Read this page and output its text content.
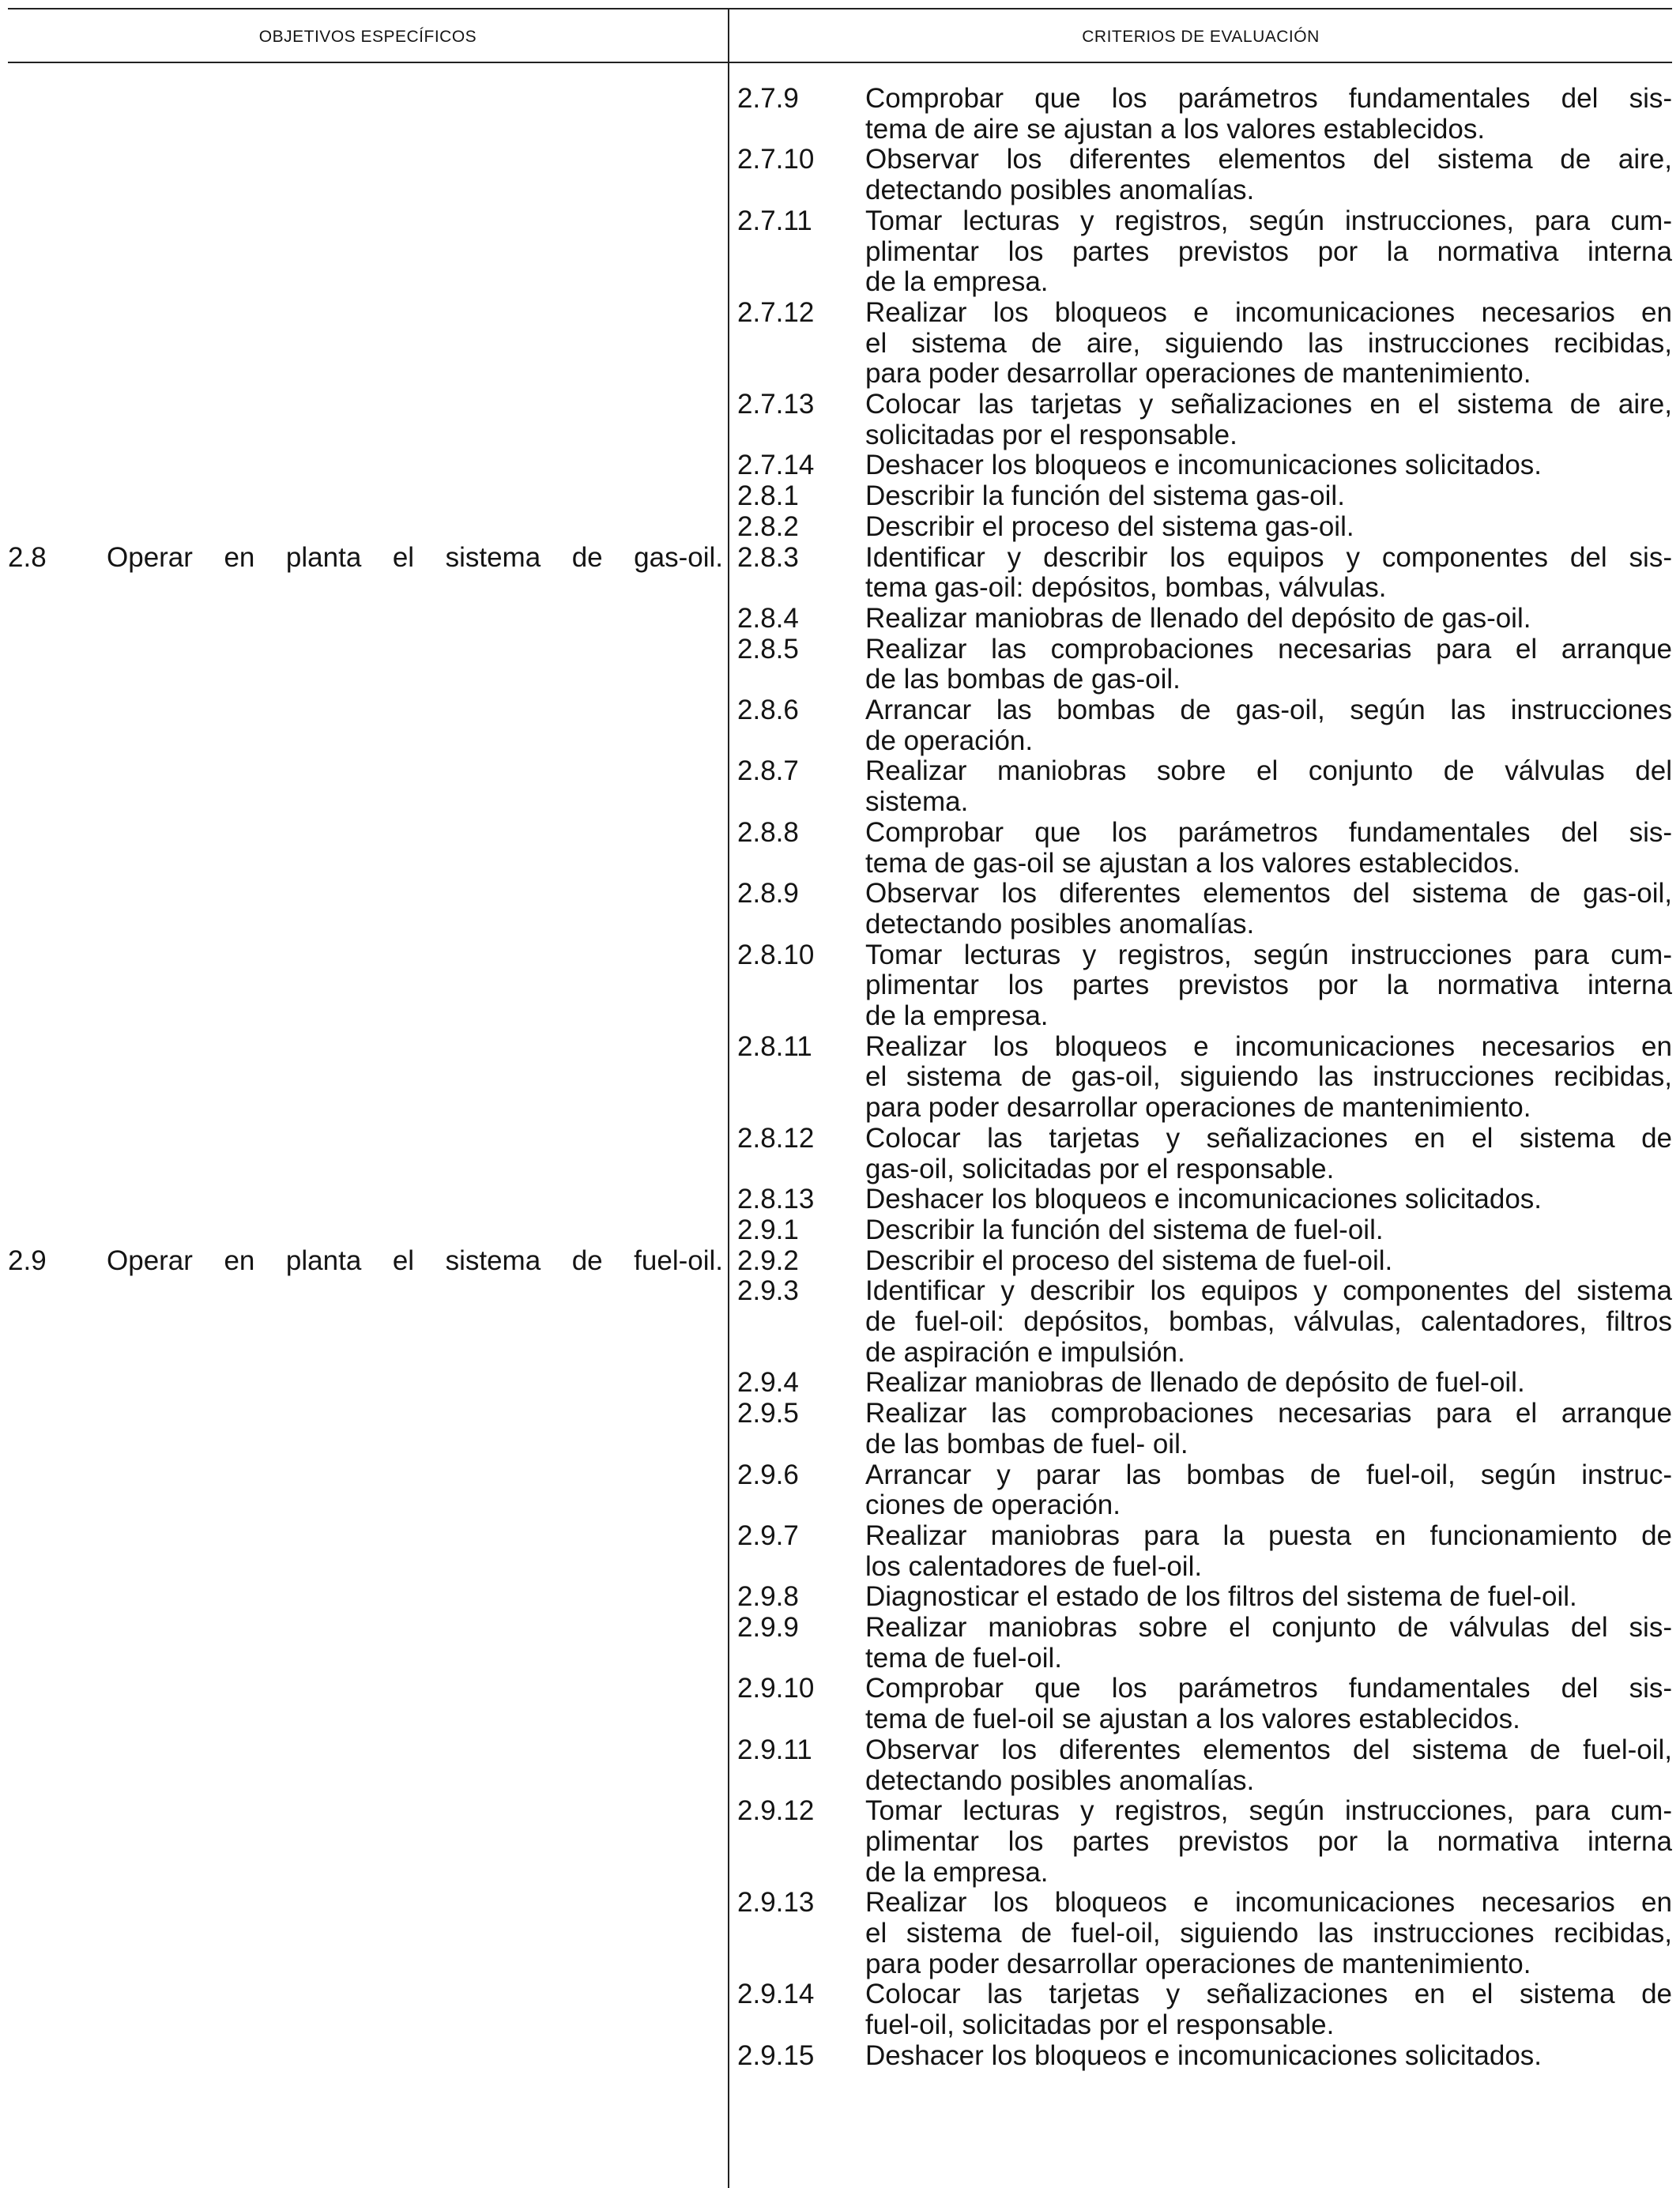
OBJETIVOS ESPECÍFICOS	CRITERIOS DE EVALUACIÓN
2.8 Operar en planta el sistema de gas-oil.
2.9 Operar en planta el sistema de fuel-oil.
2.7.9 Comprobar que los parámetros fundamentales del sis-
tema de aire se ajustan a los valores establecidos.
2.7.10 Observar los diferentes elementos del sistema de aire,
detectando posibles anomalías.
2.7.11 Tomar lecturas y registros, según instrucciones, para cum-
plimentar los partes previstos por la normativa interna
de la empresa.
2.7.12 Realizar los bloqueos e incomunicaciones necesarios en
el sistema de aire, siguiendo las instrucciones recibidas,
para poder desarrollar operaciones de mantenimiento.
2.7.13 Colocar las tarjetas y señalizaciones en el sistema de aire,
solicitadas por el responsable.
2.7.14 Deshacer los bloqueos e incomunicaciones solicitados.
2.8.1 Describir la función del sistema gas-oil.
2.8.2 Describir el proceso del sistema gas-oil.
2.8.3 Identificar y describir los equipos y componentes del sis-
tema gas-oil: depósitos, bombas, válvulas.
2.8.4 Realizar maniobras de llenado del depósito de gas-oil.
2.8.5 Realizar las comprobaciones necesarias para el arranque
de las bombas de gas-oil.
2.8.6 Arrancar las bombas de gas-oil, según las instrucciones
de operación.
2.8.7 Realizar maniobras sobre el conjunto de válvulas del
sistema.
2.8.8 Comprobar que los parámetros fundamentales del sis-
tema de gas-oil se ajustan a los valores establecidos.
2.8.9 Observar los diferentes elementos del sistema de gas-oil,
detectando posibles anomalías.
2.8.10 Tomar lecturas y registros, según instrucciones para cum-
plimentar los partes previstos por la normativa interna
de la empresa.
2.8.11 Realizar los bloqueos e incomunicaciones necesarios en
el sistema de gas-oil, siguiendo las instrucciones recibidas,
para poder desarrollar operaciones de mantenimiento.
2.8.12 Colocar las tarjetas y señalizaciones en el sistema de
gas-oil, solicitadas por el responsable.
2.8.13 Deshacer los bloqueos e incomunicaciones solicitados.
2.9.1 Describir la función del sistema de fuel-oil.
2.9.2 Describir el proceso del sistema de fuel-oil.
2.9.3 Identificar y describir los equipos y componentes del sistema
de fuel-oil: depósitos, bombas, válvulas, calentadores, filtros
de aspiración e impulsión.
2.9.4 Realizar maniobras de llenado de depósito de fuel-oil.
2.9.5 Realizar las comprobaciones necesarias para el arranque
de las bombas de fuel- oil.
2.9.6 Arrancar y parar las bombas de fuel-oil, según instruc-
ciones de operación.
2.9.7 Realizar maniobras para la puesta en funcionamiento de
los calentadores de fuel-oil.
2.9.8 Diagnosticar el estado de los filtros del sistema de fuel-oil.
2.9.9 Realizar maniobras sobre el conjunto de válvulas del sis-
tema de fuel-oil.
2.9.10 Comprobar que los parámetros fundamentales del sis-
tema de fuel-oil se ajustan a los valores establecidos.
2.9.11 Observar los diferentes elementos del sistema de fuel-oil,
detectando posibles anomalías.
2.9.12 Tomar lecturas y registros, según instrucciones, para cum-
plimentar los partes previstos por la normativa interna
de la empresa.
2.9.13 Realizar los bloqueos e incomunicaciones necesarios en
el sistema de fuel-oil, siguiendo las instrucciones recibidas,
para poder desarrollar operaciones de mantenimiento.
2.9.14 Colocar las tarjetas y señalizaciones en el sistema de
fuel-oil, solicitadas por el responsable.
2.9.15 Deshacer los bloqueos e incomunicaciones solicitados.
